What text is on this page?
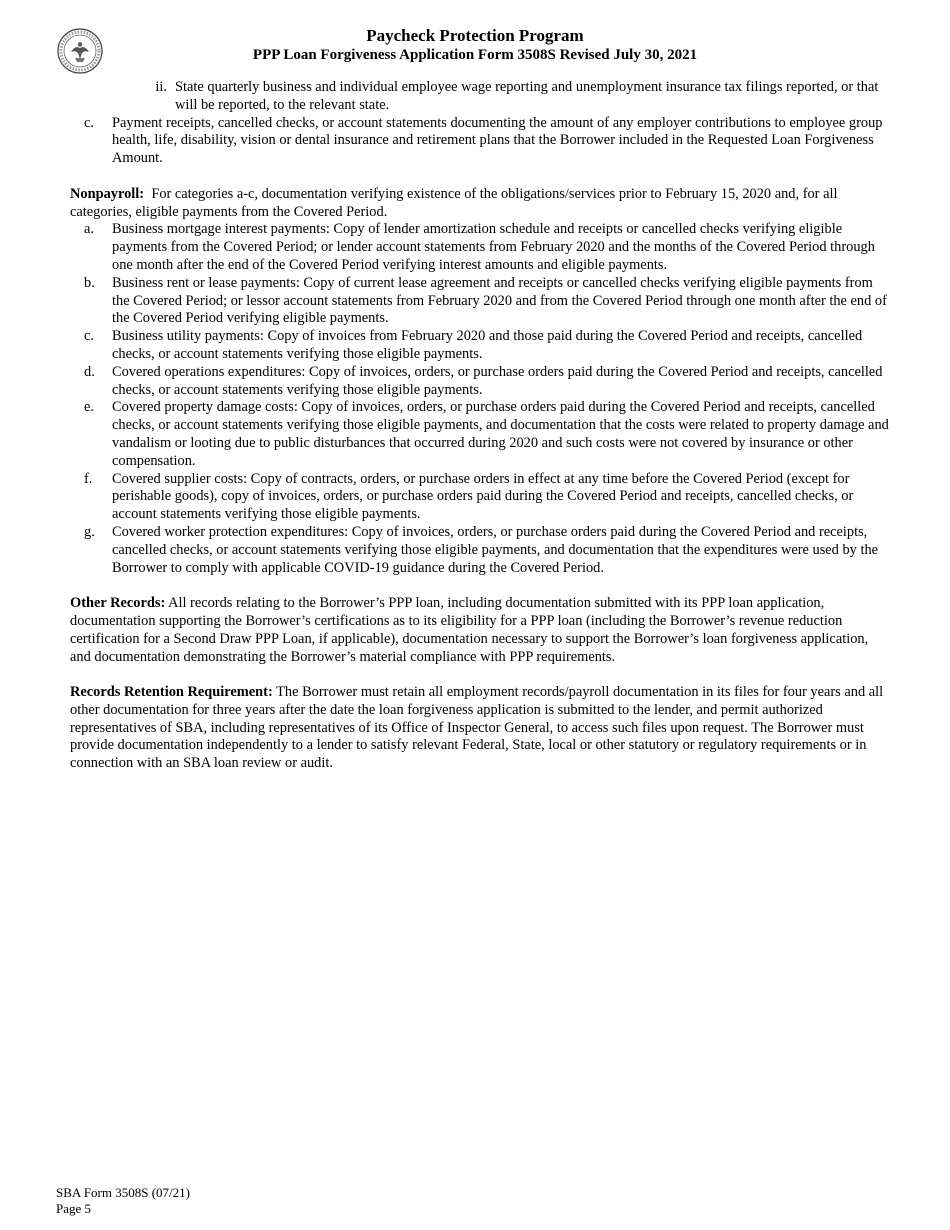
Paycheck Protection Program
PPP Loan Forgiveness Application Form 3508S Revised July 30, 2021
ii. State quarterly business and individual employee wage reporting and unemployment insurance tax filings reported, or that will be reported, to the relevant state.
c.	Payment receipts, cancelled checks, or account statements documenting the amount of any employer contributions to employee group health, life, disability, vision or dental insurance and retirement plans that the Borrower included in the Requested Loan Forgiveness Amount.

Nonpayroll: For categories a-c, documentation verifying existence of the obligations/services prior to February 15, 2020 and, for all categories, eligible payments from the Covered Period.

a.	Business mortgage interest payments: Copy of lender amortization schedule and receipts or cancelled checks verifying eligible payments from the Covered Period; or lender account statements from February 2020 and the months of the Covered Period through one month after the end of the Covered Period verifying interest amounts and eligible payments.
b.	Business rent or lease payments: Copy of current lease agreement and receipts or cancelled checks verifying eligible payments from the Covered Period; or lessor account statements from February 2020 and from the Covered Period through one month after the end of the Covered Period verifying eligible payments.
c.	Business utility payments: Copy of invoices from February 2020 and those paid during the Covered Period and receipts, cancelled checks, or account statements verifying those eligible payments.
d.	Covered operations expenditures: Copy of invoices, orders, or purchase orders paid during the Covered Period and receipts, cancelled checks, or account statements verifying those eligible payments.
e.	Covered property damage costs: Copy of invoices, orders, or purchase orders paid during the Covered Period and receipts, cancelled checks, or account statements verifying those eligible payments, and documentation that the costs were related to property damage and vandalism or looting due to public disturbances that occurred during 2020 and such costs were not covered by insurance or other compensation.
f.	Covered supplier costs: Copy of contracts, orders, or purchase orders in effect at any time before the Covered Period (except for perishable goods), copy of invoices, orders, or purchase orders paid during the Covered Period and receipts, cancelled checks, or account statements verifying those eligible payments.
g.	Covered worker protection expenditures: Copy of invoices, orders, or purchase orders paid during the Covered Period and receipts, cancelled checks, or account statements verifying those eligible payments, and documentation that the expenditures were used by the Borrower to comply with applicable COVID-19 guidance during the Covered Period.

Other Records: All records relating to the Borrower’s PPP loan, including documentation submitted with its PPP loan application, documentation supporting the Borrower’s certifications as to its eligibility for a PPP loan (including the Borrower’s revenue reduction certification for a Second Draw PPP Loan, if applicable), documentation necessary to support the Borrower’s loan forgiveness application, and documentation demonstrating the Borrower’s material compliance with PPP requirements.

Records Retention Requirement: The Borrower must retain all employment records/payroll documentation in its files for four years and all other documentation for three years after the date the loan forgiveness application is submitted to the lender, and permit authorized representatives of SBA, including representatives of its Office of Inspector General, to access such files upon request. The Borrower must provide documentation independently to a lender to satisfy relevant Federal, State, local or other statutory or regulatory requirements or in connection with an SBA loan review or audit.

SBA Form 3508S (07/21)
Page 5
